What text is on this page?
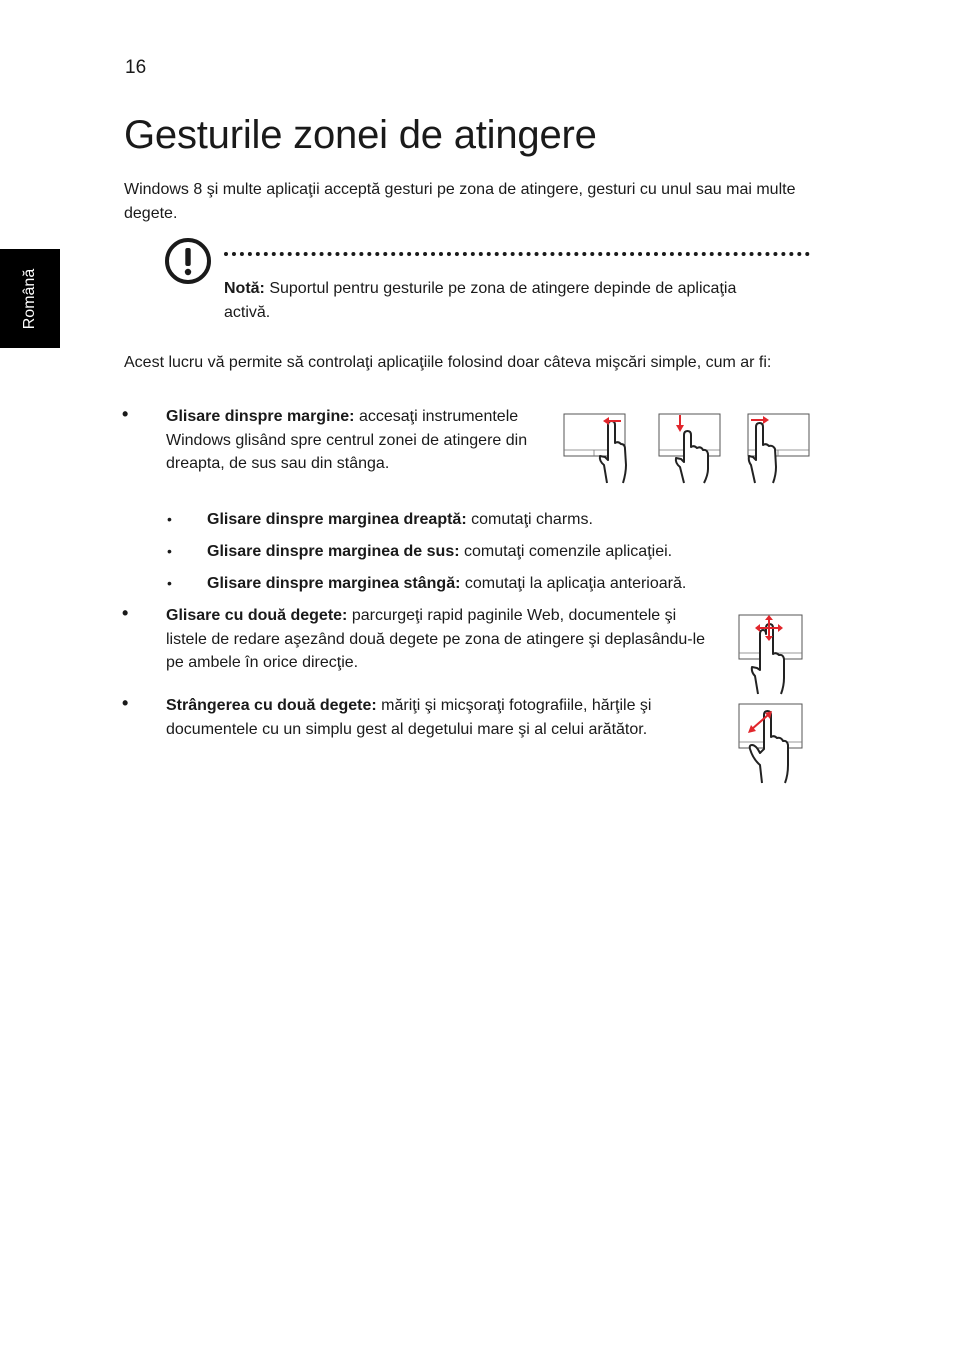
16
Română
Gesturile zonei de atingere
Windows 8 şi multe aplicaţii acceptă gesturi pe zona de atingere, gesturi cu unul sau mai multe degete.
Notă: Suportul pentru gesturile pe zona de atingere depinde de aplicaţia activă.
Acest lucru vă permite să controlaţi aplicaţiile folosind doar câteva mişcări simple, cum ar fi:
• Glisare dinspre margine: accesaţi instrumentele Windows glisând spre centrul zonei de atingere din dreapta, de sus sau din stânga.
• Glisare dinspre marginea dreaptă: comutaţi charms.
• Glisare dinspre marginea de sus: comutaţi comenzile aplicaţiei.
• Glisare dinspre marginea stângă: comutaţi la aplicaţia anterioară.
• Glisare cu două degete: parcurgeţi rapid paginile Web, documentele şi listele de redare aşezând două degete pe zona de atingere şi deplasându-le pe ambele în orice direcţie.
• Strângerea cu două degete: măriţi şi micşoraţi fotografiile, hărţile şi documentele cu un simplu gest al degetului mare şi al celui arătător.
